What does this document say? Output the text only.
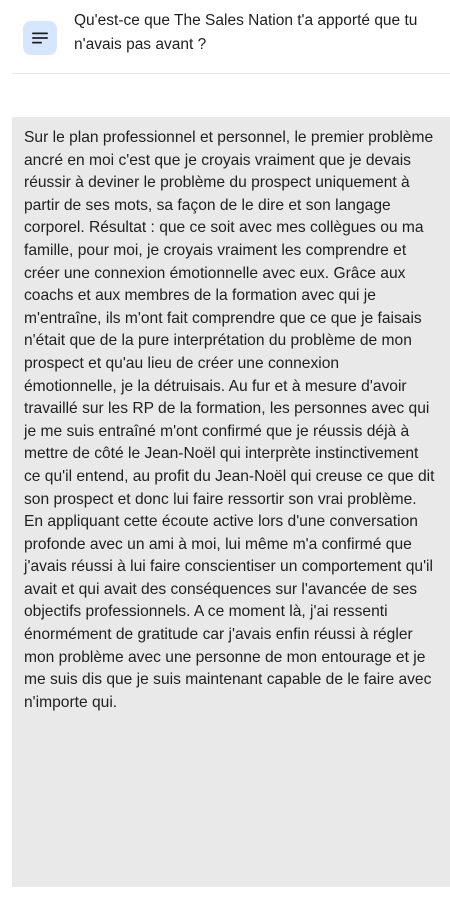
Qu'est-ce que The Sales Nation t'a apporté que tu n'avais pas avant ?

Sur le plan professionnel et personnel, le premier problème ancré en moi c'est que je croyais vraiment que je devais réussir à deviner le problème du prospect uniquement à partir de ses mots, sa façon de le dire et son langage corporel. Résultat : que ce soit avec mes collègues ou ma famille, pour moi, je croyais vraiment les comprendre et créer une connexion émotionnelle avec eux. Grâce aux coachs et aux membres de la formation avec qui je m'entraîne, ils m'ont fait comprendre que ce que je faisais n'était que de la pure interprétation du problème de mon prospect et qu'au lieu de créer une connexion émotionnelle, je la détruisais. Au fur et à mesure d'avoir travaillé sur les RP de la formation, les personnes avec qui je me suis entraîné m'ont confirmé que je réussis déjà à mettre de côté le Jean-Noël qui interprète instinctivement ce qu'il entend, au profit du Jean-Noël qui creuse ce que dit son prospect et donc lui faire ressortir son vrai problème. En appliquant cette écoute active lors d'une conversation profonde avec un ami à moi, lui même m'a confirmé que j'avais réussi à lui faire conscientiser un comportement qu'il avait et qui avait des conséquences sur l'avancée de ses objectifs professionnels. A ce moment là, j'ai ressenti énormément de gratitude car j'avais enfin réussi à régler mon problème avec une personne de mon entourage et je me suis dis que je suis maintenant capable de le faire avec n'importe qui.
